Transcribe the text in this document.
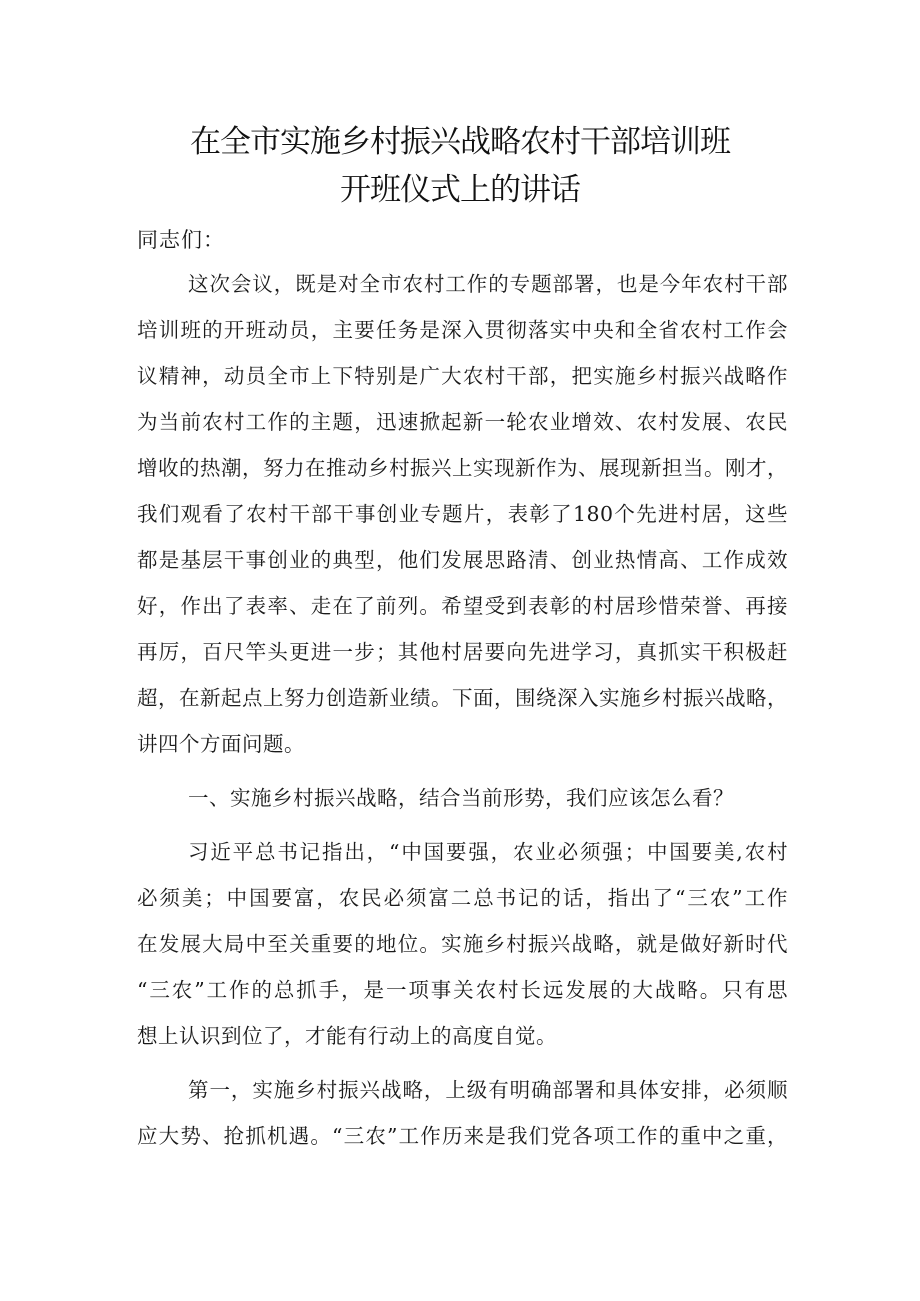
在全市实施乡村振兴战略农村干部培训班
开班仪式上的讲话
同志们：
这次会议，既是对全市农村工作的专题部署，也是今年农村干部
培训班的开班动员，主要任务是深入贯彻落实中央和全省农村工作会
议精神，动员全市上下特别是广大农村干部，把实施乡村振兴战略作
为当前农村工作的主题，迅速掀起新一轮农业增效、农村发展、农民
增收的热潮，努力在推动乡村振兴上实现新作为、展现新担当。刚才，
我们观看了农村干部干事创业专题片，表彰了180个先进村居，这些
都是基层干事创业的典型，他们发展思路清、创业热情高、工作成效
好，作出了表率、走在了前列。希望受到表彰的村居珍惜荣誉、再接
再厉，百尺竿头更进一步；其他村居要向先进学习，真抓实干积极赶
超，在新起点上努力创造新业绩。下面，围绕深入实施乡村振兴战略，
讲四个方面问题。
一、实施乡村振兴战略，结合当前形势，我们应该怎么看？
习近平总书记指出，“中国要强，农业必须强；中国要美,农村
必须美；中国要富，农民必须富二总书记的话，指出了“三农”工作
在发展大局中至关重要的地位。实施乡村振兴战略，就是做好新时代
“三农”工作的总抓手，是一项事关农村长远发展的大战略。只有思
想上认识到位了，才能有行动上的高度自觉。
第一，实施乡村振兴战略，上级有明确部署和具体安排，必须顺
应大势、抢抓机遇。“三农”工作历来是我们党各项工作的重中之重，
